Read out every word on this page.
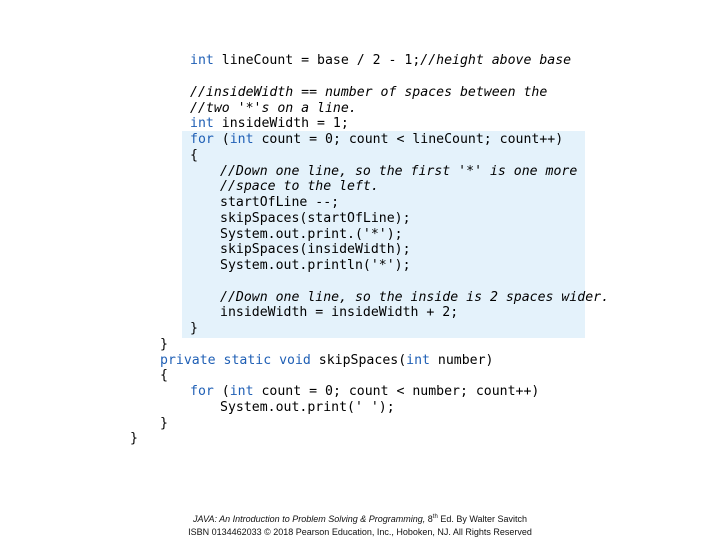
int lineCount = base / 2 - 1;//height above base
//insideWidth == number of spaces between the
//two '*'s on a line.
int insideWidth = 1;
for (int count = 0; count < lineCount; count++)
{
//Down one line, so the first '*' is one more
//space to the left.
startOfLine --;
skipSpaces(startOfLine);
System.out.print.('*');
skipSpaces(insideWidth);
System.out.println('*');
//Down one line, so the inside is 2 spaces wider.
insideWidth = insideWidth + 2;
}
}
private static void skipSpaces(int number)
{
for (int count = 0; count < number; count++)
System.out.print(' ');
}
}
JAVA: An Introduction to Problem Solving & Programming, 8th Ed. By Walter Savitch
ISBN 0134462033 © 2018 Pearson Education, Inc., Hoboken, NJ. All Rights Reserved
